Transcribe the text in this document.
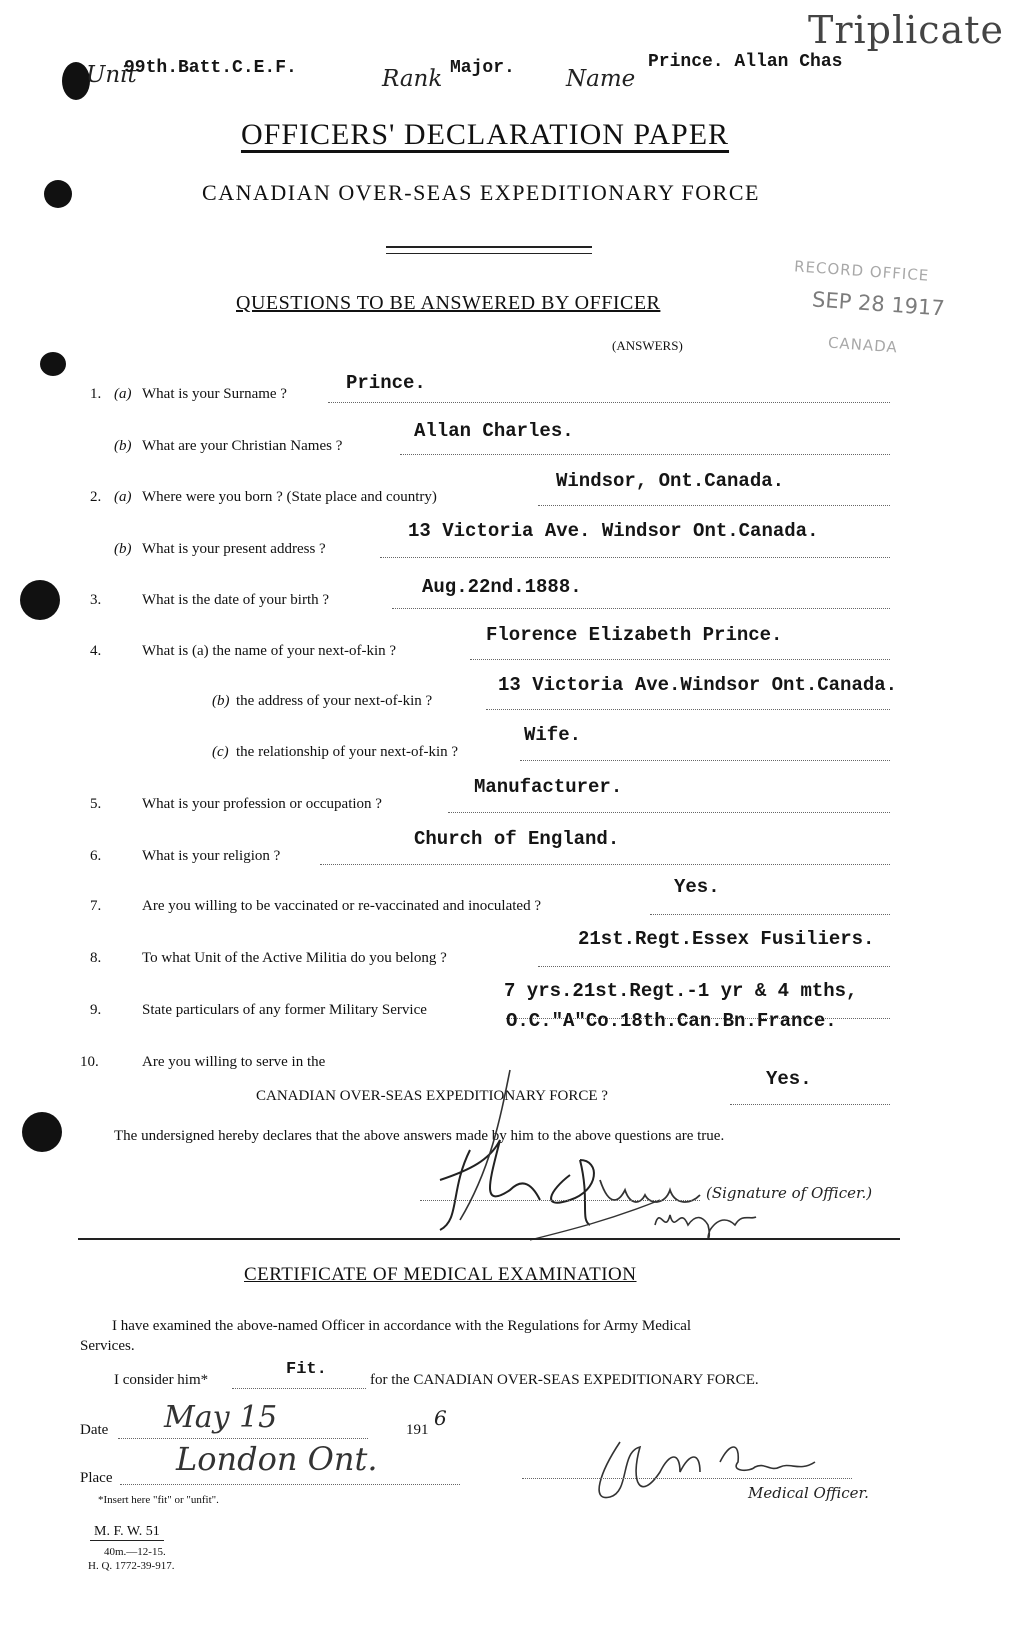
Triplicate
Unit
99th.Batt.C.E.F.	Rank Major. Name
Prince. Allan Chas
OFFICERS' DECLARATION PAPER
CANADIAN OVER-SEAS EXPEDITIONARY FORCE
RECORD OFFICE
SEP 28 1917
CANADA
QUESTIONS TO BE ANSWERED BY OFFICER
(ANSWERS)
1. (a) What is your Surname ?	Prince.
(b) What are your Christian Names ?
Allan Charles.
2. (a) Where were you born ? (State place and country)
Windsor, Ont.Canada.
(b) What is your present address ?
13 Victoria Ave. Windsor Ont.Canada.
3.	What is the date of your birth ?
Aug.22nd.1888.
4.	What is (a) the name of your next-of-kin ?
Florence Elizabeth Prince.
(b) the address of your next-of-kin ?
13 Victoria Ave.Windsor Ont.Canada.
(c) the relationship of your next-of-kin ?
Wife.
5.	What is your profession or occupation ?
Manufacturer.
6.	What is your religion ?
Church of England.
7.	Are you willing to be vaccinated or re-vaccinated and inoculated ?
Yes.
8.	To what Unit of the Active Militia do you belong ?
21st.Regt.Essex Fusiliers.
9.	State particulars of any former Military Service
7 yrs.21st.Regt.-1 yr & 4 mths,
O.C."A"Co.18th.Can.Bn.France.
10.	Are you willing to serve in the
CANADIAN OVER-SEAS EXPEDITIONARY FORCE ?
Yes.
The undersigned hereby declares that the above answers made by him to the above questions are true.
(Signature of Officer.)
CERTIFICATE OF MEDICAL EXAMINATION
I have examined the above-named Officer in accordance with the Regulations for Army Medical
Services.
I consider him*
Fit.
for the CANADIAN OVER-SEAS EXPEDITIONARY FORCE.
Date May 15	191 6
Place London Ont.
*Insert here "fit" or "unfit".	Medical Officer.
M. F. W. 51
40m.—12-15.
H. Q. 1772-39-917.
